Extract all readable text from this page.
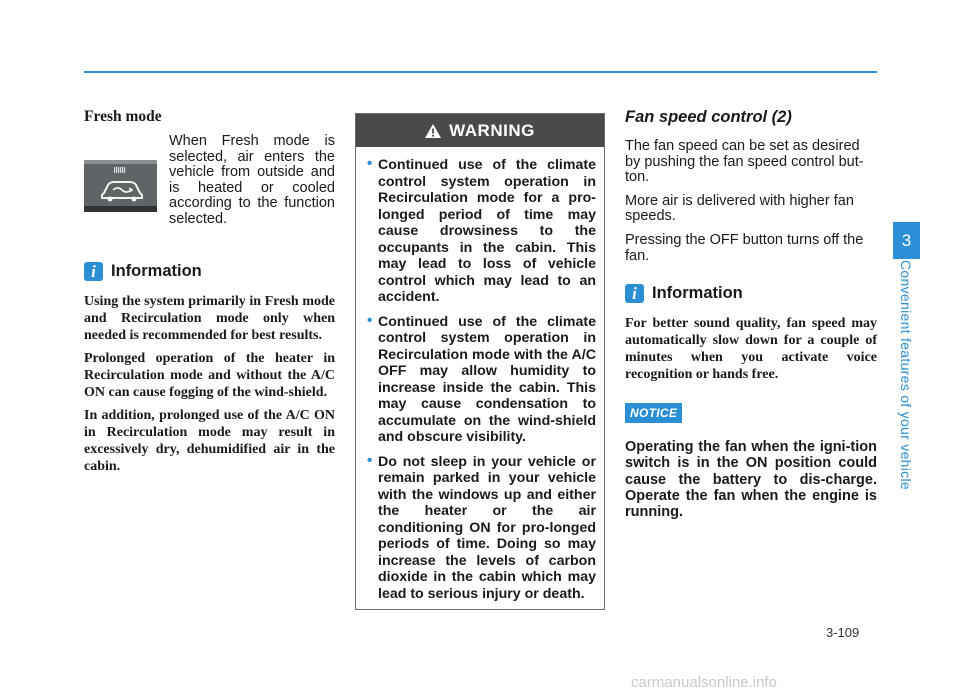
Fresh mode
When Fresh mode is selected, air enters the vehicle from outside and is heated or cooled according to the function selected.
i Information

Using the system primarily in Fresh mode and Recirculation mode only when needed is recommended for best results.

Prolonged operation of the heater in Recirculation mode and without the A/C ON can cause fogging of the wind-shield.

In addition, prolonged use of the A/C ON in Recirculation mode may result in excessively dry, dehumidified air in the cabin.

WARNING
• Continued use of the climate control system operation in Recirculation mode for a pro-longed period of time may cause drowsiness to the occupants in the cabin. This may lead to loss of vehicle control which may lead to an accident.
• Continued use of the climate control system operation in Recirculation mode with the A/C OFF may allow humidity to increase inside the cabin. This may cause condensation to accumulate on the wind-shield and obscure visibility.
• Do not sleep in your vehicle or remain parked in your vehicle with the windows up and either the heater or the air conditioning ON for pro-longed periods of time. Doing so may increase the levels of carbon dioxide in the cabin which may lead to serious injury or death.
Fan speed control (2)

The fan speed can be set as desired by pushing the fan speed control but-ton.

More air is delivered with higher fan speeds.

Pressing the OFF button turns off the fan.

i Information

For better sound quality, fan speed may automatically slow down for a couple of minutes when you activate voice recognition or hands free.

NOTICE

Operating the fan when the igni-tion switch is in the ON position could cause the battery to dis-charge. Operate the fan when the engine is running.

3
Convenient features of your vehicle
3-109
carmanualsonline.info
